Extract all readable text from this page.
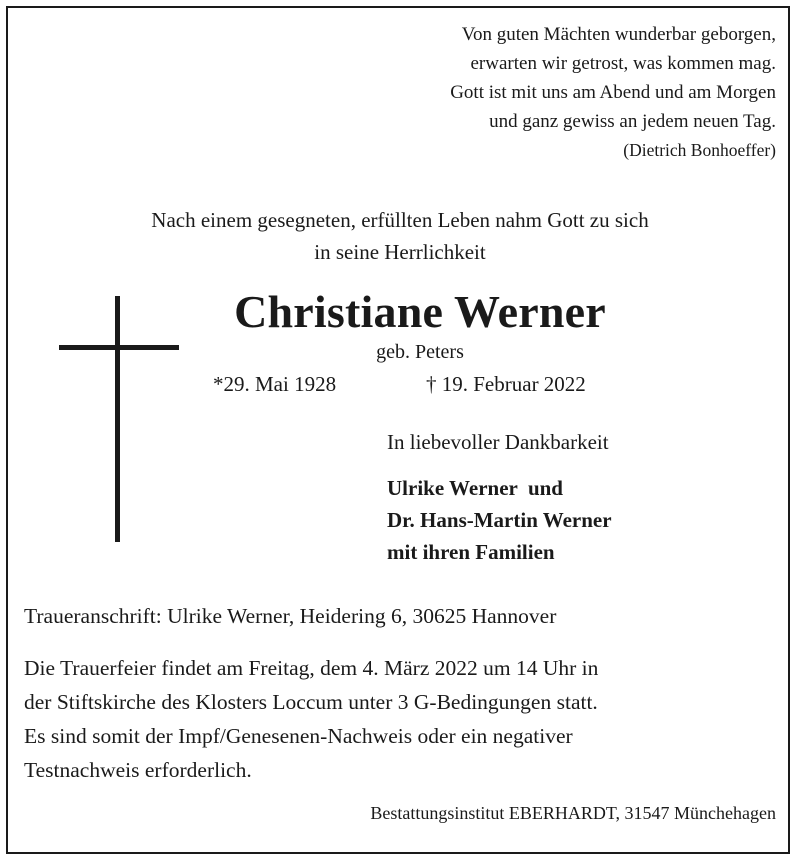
Von guten Mächten wunderbar geborgen,
erwarten wir getrost, was kommen mag.
Gott ist mit uns am Abend und am Morgen
und ganz gewiss an jedem neuen Tag.
(Dietrich Bonhoeffer)
Nach einem gesegneten, erfüllten Leben nahm Gott zu sich
in seine Herrlichkeit
Christiane Werner
geb. Peters
*29. Mai 1928	† 19. Februar 2022
In liebevoller Dankbarkeit
Ulrike Werner  und
Dr. Hans-Martin Werner
mit ihren Familien
Traueranschrift: Ulrike Werner, Heidering 6, 30625 Hannover
Die Trauerfeier findet am Freitag, dem 4. März 2022 um 14 Uhr in
der Stiftskirche des Klosters Loccum unter 3 G-Bedingungen statt.
Es sind somit der Impf/Genesenen-Nachweis oder ein negativer
Testnachweis erforderlich.
Bestattungsinstitut EBERHARDT, 31547 Münchehagen
